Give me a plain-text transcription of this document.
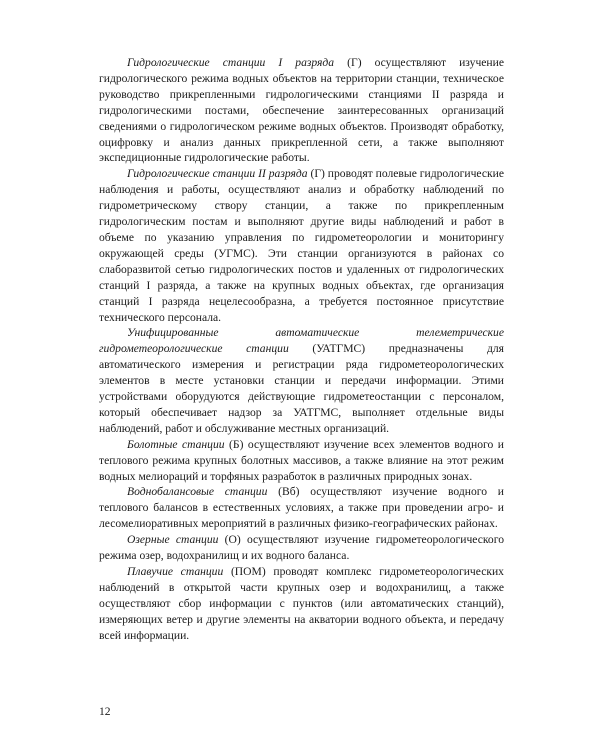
Гидрологические станции I разряда (Г) осуществляют изучение гидрологического режима водных объектов на территории станции, техническое руководство прикрепленными гидрологическими станциями II разряда и гидрологическими постами, обеспечение заинтересованных организаций сведениями о гидрологическом режиме водных объектов. Производят обработку, оцифровку и анализ данных прикрепленной сети, а также выполняют экспедиционные гидрологические работы.

Гидрологические станции II разряда (Г) проводят полевые гидрологические наблюдения и работы, осуществляют анализ и обработку наблюдений по гидрометрическому створу станции, а также по прикрепленным гидрологическим постам и выполняют другие виды наблюдений и работ в объеме по указанию управления по гидрометеорологии и мониторингу окружающей среды (УГМС). Эти станции организуются в районах со слаборазвитой сетью гидрологических постов и удаленных от гидрологических станций I разряда, а также на крупных водных объектах, где организация станций I разряда нецелесообразна, а требуется постоянное присутствие технического персонала.

Унифицированные автоматические телеметрические гидрометеорологические станции (УАТГМС) предназначены для автоматического измерения и регистрации ряда гидрометеорологических элементов в месте установки станции и передачи информации. Этими устройствами оборудуются действующие гидрометеостанции с персоналом, который обеспечивает надзор за УАТГМС, выполняет отдельные виды наблюдений, работ и обслуживание местных организаций.

Болотные станции (Б) осуществляют изучение всех элементов водного и теплового режима крупных болотных массивов, а также влияние на этот режим водных мелиораций и торфяных разработок в различных природных зонах.

Воднобалансовые станции (Вб) осуществляют изучение водного и теплового балансов в естественных условиях, а также при проведении агро- и лесомелиоративных мероприятий в различных физико-географических районах.

Озерные станции (О) осуществляют изучение гидрометеорологического режима озер, водохранилищ и их водного баланса.

Плавучие станции (ПОМ) проводят комплекс гидрометеорологических наблюдений в открытой части крупных озер и водохранилищ, а также осуществляют сбор информации с пунктов (или автоматических станций), измеряющих ветер и другие элементы на акватории водного объекта, и передачу всей информации.

12
